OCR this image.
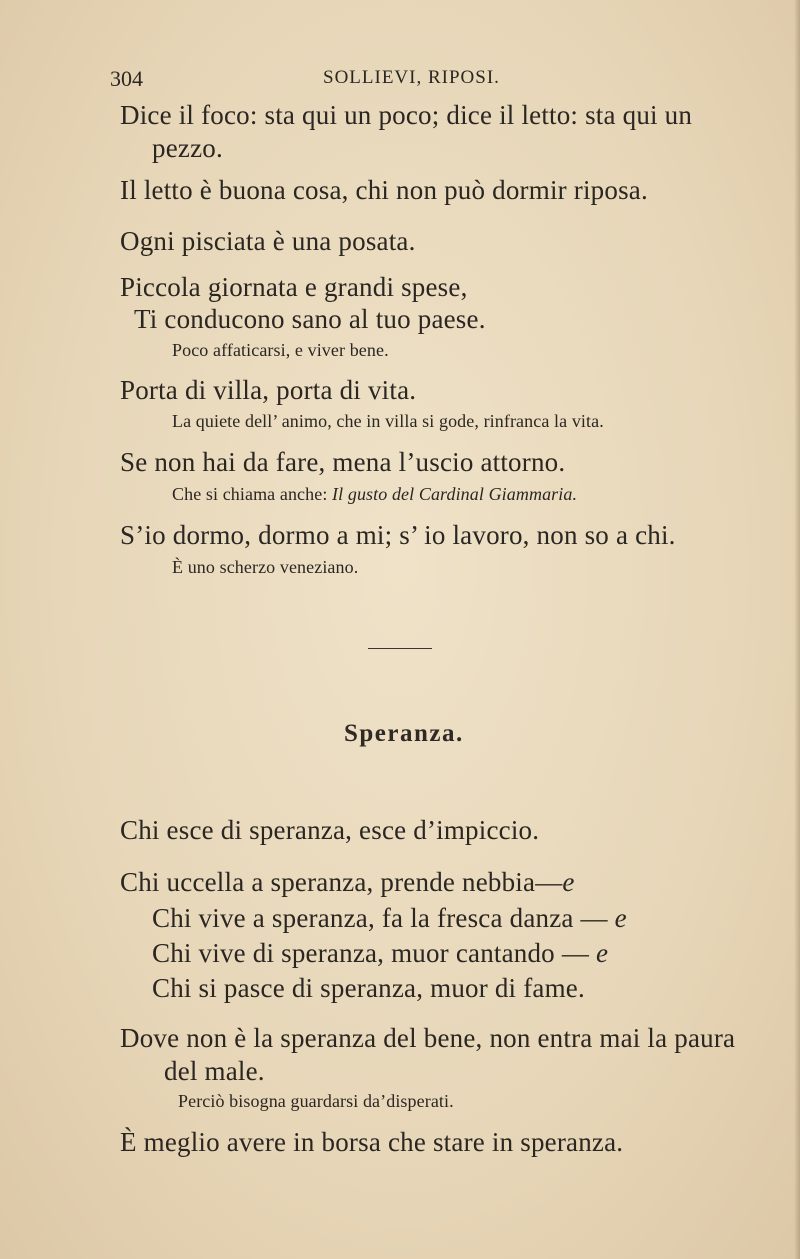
304	SOLLIEVI, RIPOSI.

Dice il foco: sta qui un poco; dice il letto: sta qui un

pezzo.

Il letto è buona cosa, chi non può dormir riposa.

Ogni pisciata è una posata.

Piccola giornata e grandi spese,

Ti conducono sano al tuo paese.

Poco affaticarsi, e viver bene.

Porta di villa, porta di vita.

La quiete dell’ animo, che in villa si gode, rinfranca la vita.

Se non hai da fare, mena l’uscio attorno.

Che si chiama anche: Il gusto del Cardinal Giammaria.

S’io dormo, dormo a mi; s’ io lavoro, non so a chi.

È uno scherzo veneziano.

Speranza.

Chi esce di speranza, esce d’impiccio.

Chi uccella a speranza, prende nebbia—e

Chi vive a speranza, fa la fresca danza — e

Chi vive di speranza, muor cantando — e

Chi si pasce di speranza, muor di fame.

Dove non è la speranza del bene, non entra mai la paura

del male.

Perciò bisogna guardarsi da’disperati.

È meglio avere in borsa che stare in speranza.
